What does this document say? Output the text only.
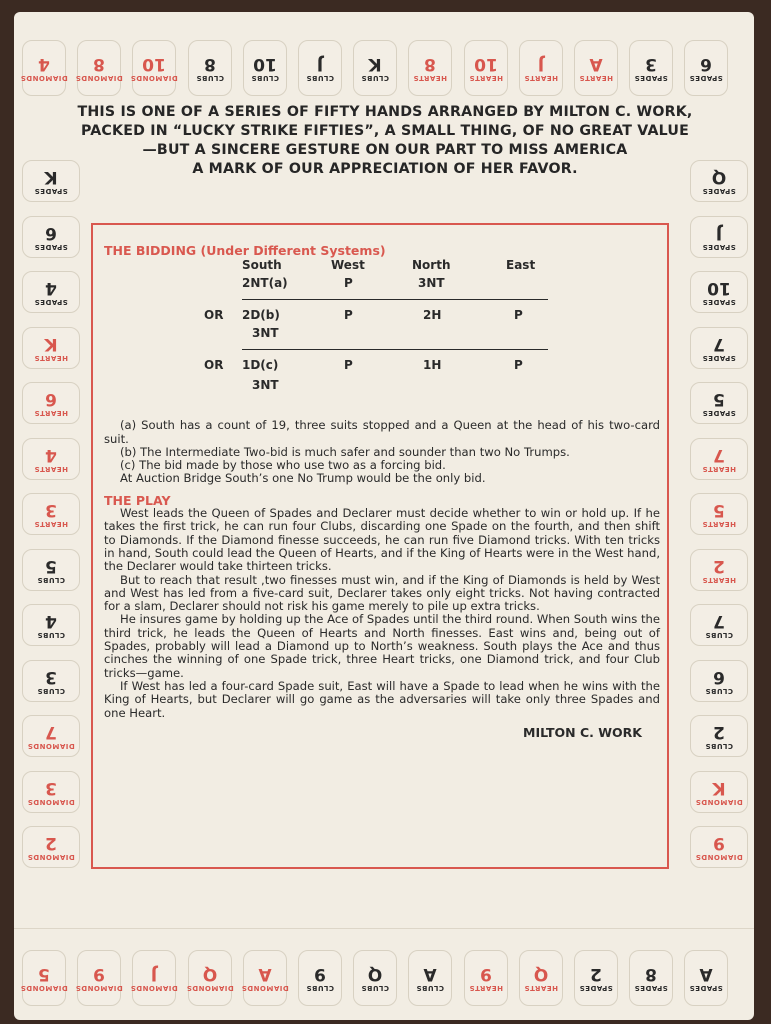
THIS IS ONE OF A SERIES OF FIFTY HANDS ARRANGED BY MILTON C. WORK,
PACKED IN “LUCKY STRIKE FIFTIES”, A SMALL THING, OF NO GREAT VALUE
—BUT A SINCERE GESTURE ON OUR PART TO MISS AMERICA
A MARK OF OUR APPRECIATION OF HER FAVOR.
THE BIDDING (Under Different Systems)
South	West	North	East
2NT(a)	P	3NT
OR 2D(b)	P	2H	P
3NT
OR 1D(c)	P	1H	P
3NT
(a) South has a count of 19, three suits stopped and a Queen at the head of his two-card suit.
(b) The Intermediate Two-bid is much safer and sounder than two No Trumps.
(c) The bid made by those who use two as a forcing bid.
At Auction Bridge South’s one No Trump would be the only bid.
THE PLAY
West leads the Queen of Spades and Declarer must decide whether to win or hold up. If he takes the first trick, he can run four Clubs, discarding one Spade on the fourth, and then shift to Diamonds. If the Diamond finesse succeeds, he can run five Diamond tricks. With ten tricks in hand, South could lead the Queen of Hearts, and if the King of Hearts were in the West hand, the Declarer would take thirteen tricks.
But to reach that result ,two finesses must win, and if the King of Diamonds is held by West and West has led from a five-card suit, Declarer takes only eight tricks. Not having contracted for a slam, Declarer should not risk his game merely to pile up extra tricks.
He insures game by holding up the Ace of Spades until the third round. When South wins the third trick, he leads the Queen of Hearts and North finesses. East wins and, being out of Spades, probably will lead a Diamond up to North’s weakness. South plays the Ace and thus cinches the winning of one Spade trick, three Heart tricks, one Diamond trick, and four Club tricks—game.
If West has led a four-card Spade suit, East will have a Spade to lead when he wins with the King of Hearts, but Declarer will go game as the adversaries will take only three Spades and one Heart.
MILTON C. WORK
DIAMONDS
4
DIAMONDS
8
DIAMONDS
10
CLUBS
8
CLUBS
10
CLUBS
J
CLUBS
K
HEARTS
8
HEARTS
10
HEARTS
J
HEARTS
A
SPADES
3
SPADES
6
DIAMONDS
5
DIAMONDS
9
DIAMONDS
J
DIAMONDS
Q
DIAMONDS
A
CLUBS
9
CLUBS
Q
CLUBS
A
HEARTS
9
HEARTS
Q
SPADES
2
SPADES
8
SPADES
A
SPADES
K
SPADES
6
SPADES
4
HEARTS
K
HEARTS
6
HEARTS
4
HEARTS
3
CLUBS
5
CLUBS
4
CLUBS
3
DIAMONDS
7
DIAMONDS
3
DIAMONDS
2
SPADES
Q
SPADES
J
SPADES
10
SPADES
7
SPADES
5
HEARTS
7
HEARTS
5
HEARTS
2
CLUBS
7
CLUBS
6
CLUBS
2
DIAMONDS
K
DIAMONDS
9
